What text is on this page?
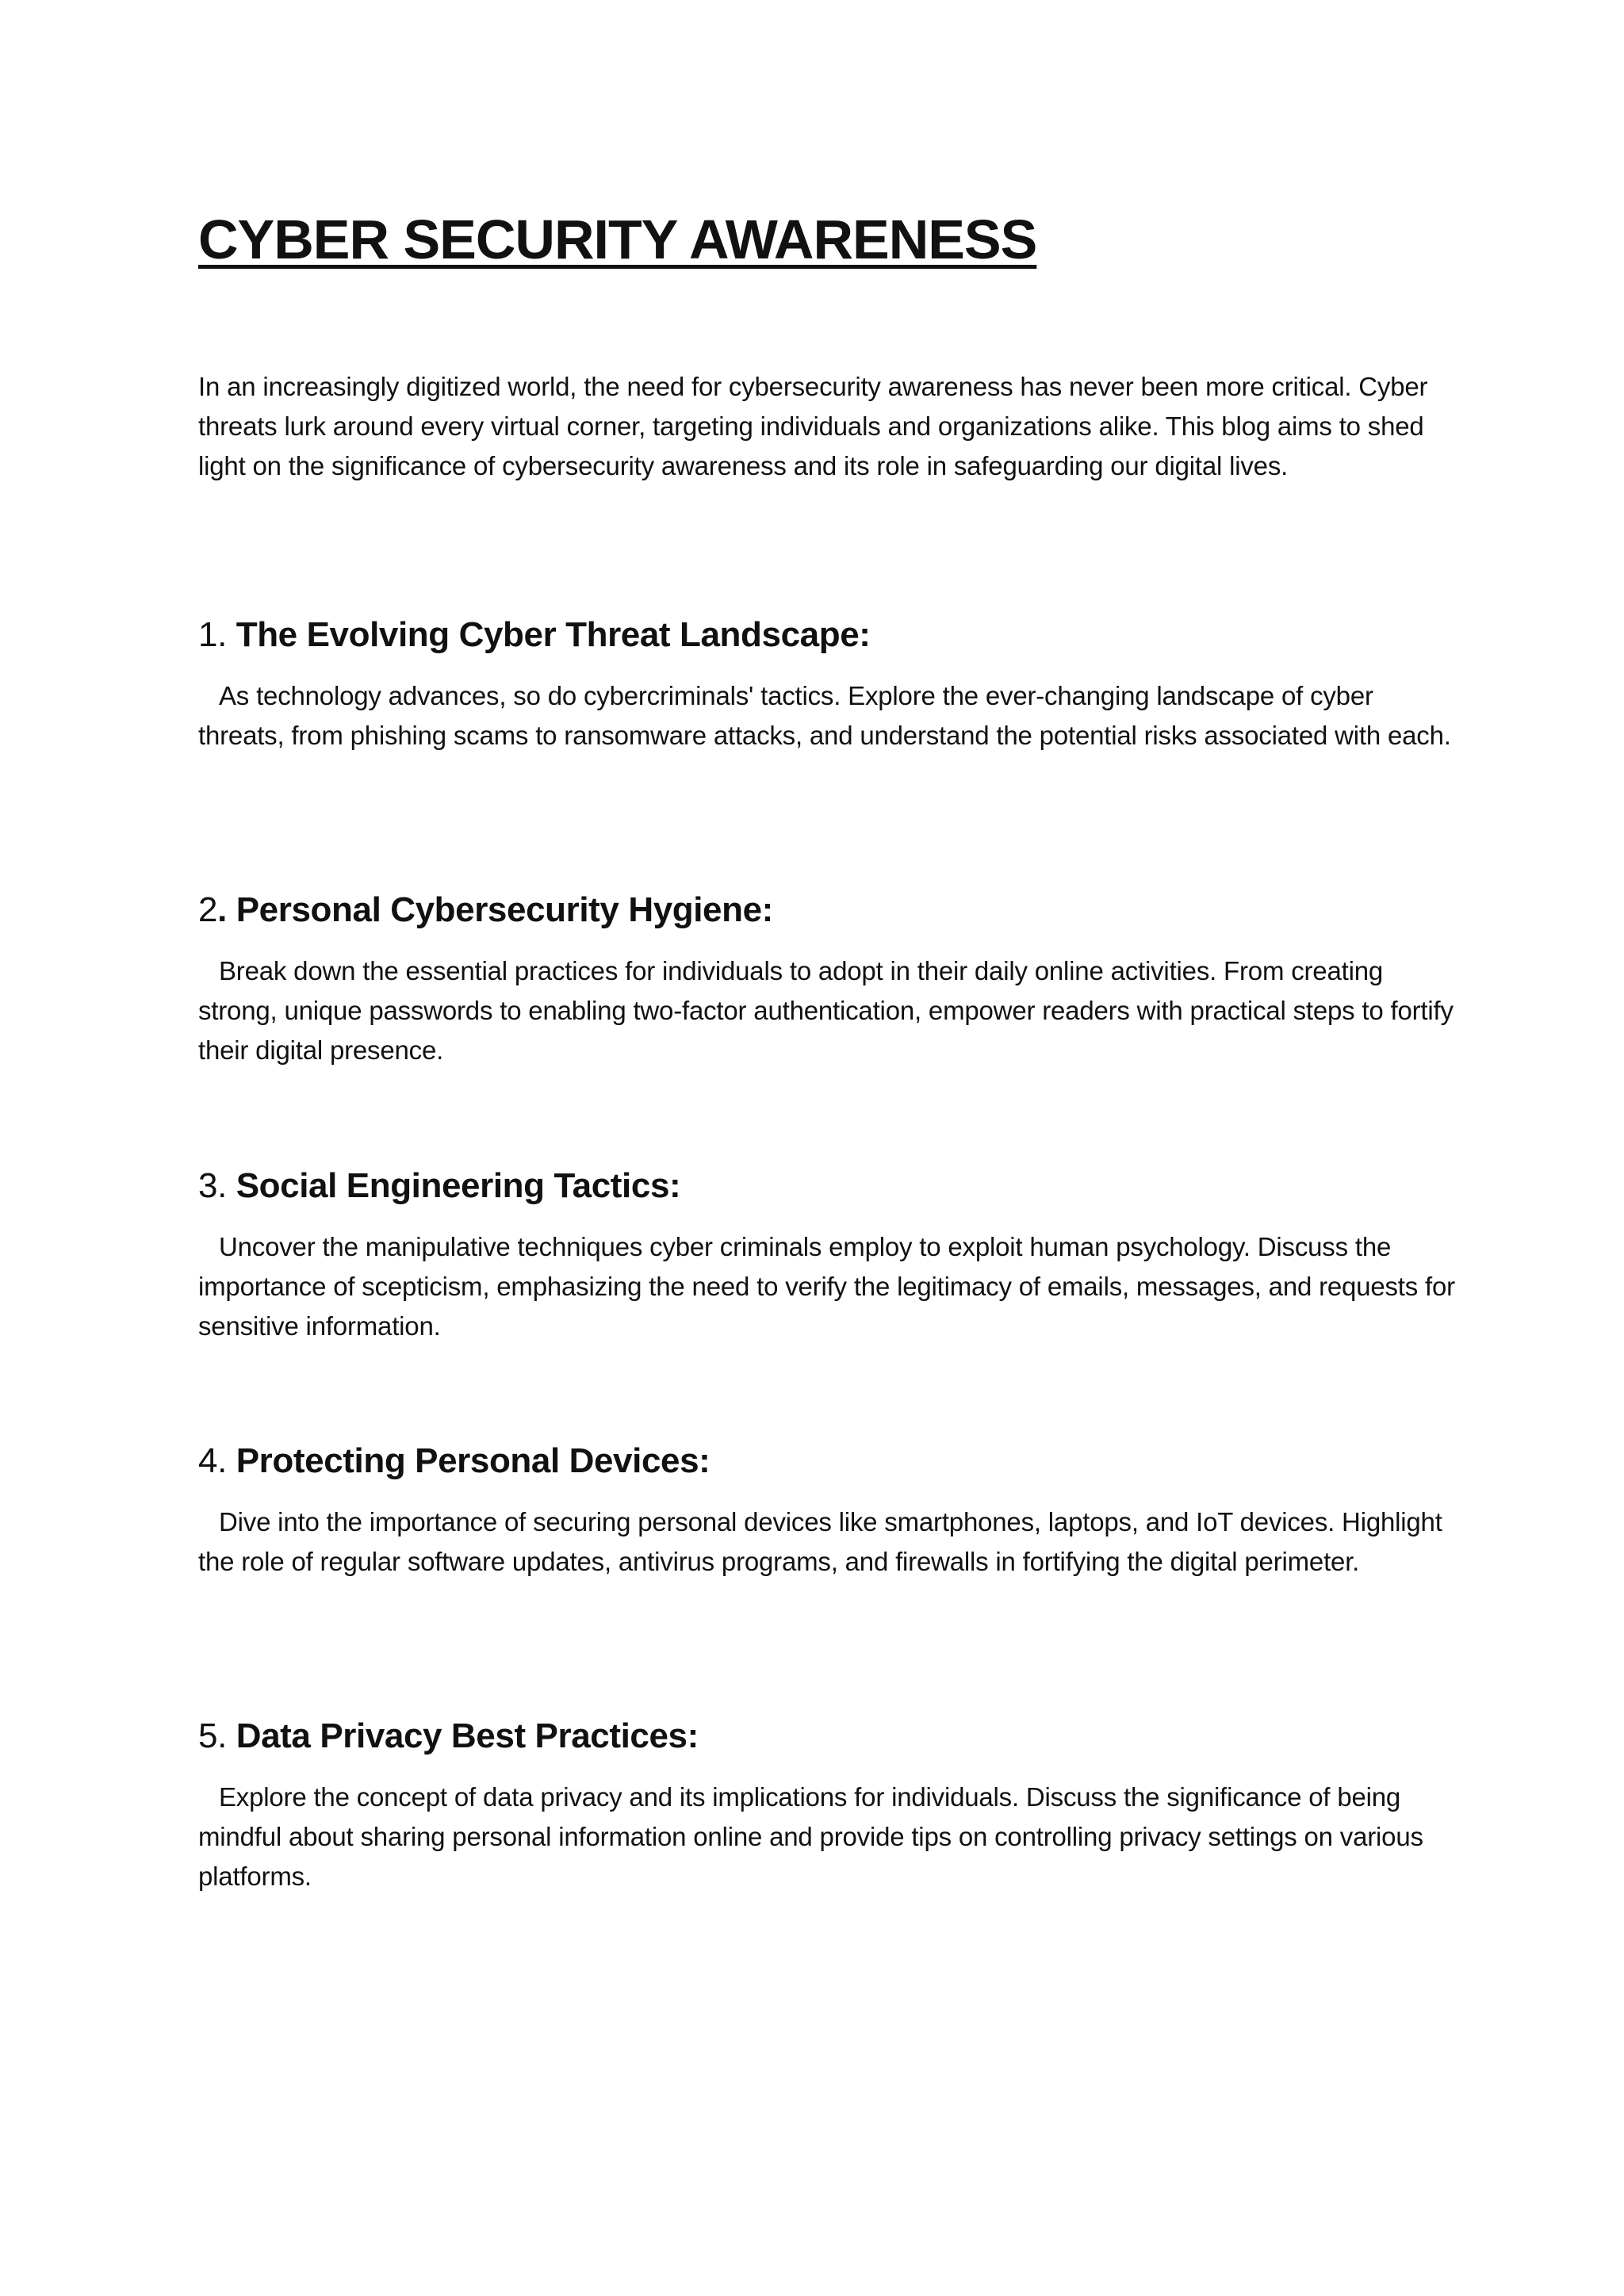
CYBER SECURITY AWARENESS

In an increasingly digitized world, the need for cybersecurity awareness has never been more critical. Cyber threats lurk around every virtual corner, targeting individuals and organizations alike. This blog aims to shed light on the significance of cybersecurity awareness and its role in safeguarding our digital lives.

1. The Evolving Cyber Threat Landscape:

As technology advances, so do cybercriminals' tactics. Explore the ever-changing landscape of cyber threats, from phishing scams to ransomware attacks, and understand the potential risks associated with each.

2. Personal Cybersecurity Hygiene:

Break down the essential practices for individuals to adopt in their daily online activities. From creating strong, unique passwords to enabling two-factor authentication, empower readers with practical steps to fortify their digital presence.

3. Social Engineering Tactics:

Uncover the manipulative techniques cyber criminals employ to exploit human psychology. Discuss the importance of scepticism, emphasizing the need to verify the legitimacy of emails, messages, and requests for sensitive information.

4. Protecting Personal Devices:

Dive into the importance of securing personal devices like smartphones, laptops, and IoT devices. Highlight the role of regular software updates, antivirus programs, and firewalls in fortifying the digital perimeter.

5. Data Privacy Best Practices:

Explore the concept of data privacy and its implications for individuals. Discuss the significance of being mindful about sharing personal information online and provide tips on controlling privacy settings on various platforms.
